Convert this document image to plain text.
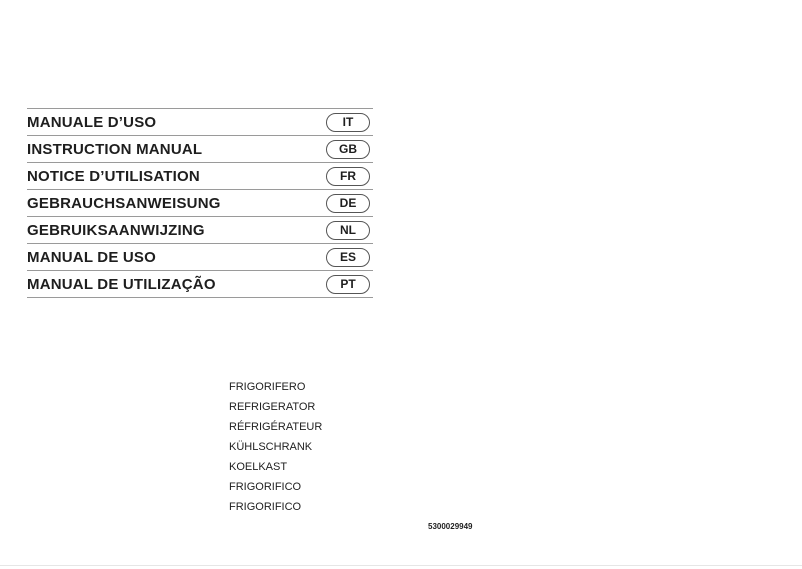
MANUALE D’USO	IT
INSTRUCTION MANUAL	GB
NOTICE D’UTILISATION	FR
GEBRAUCHSANWEISUNG	DE
GEBRUIKSAANWIJZING	NL
MANUAL DE USO	ES
MANUAL DE UTILIZAÇÃO	PT
FRIGORIFERO
REFRIGERATOR
RÉFRIGÉRATEUR
KÜHLSCHRANK
KOELKAST
FRIGORIFICO
FRIGORIFICO
5300029949
